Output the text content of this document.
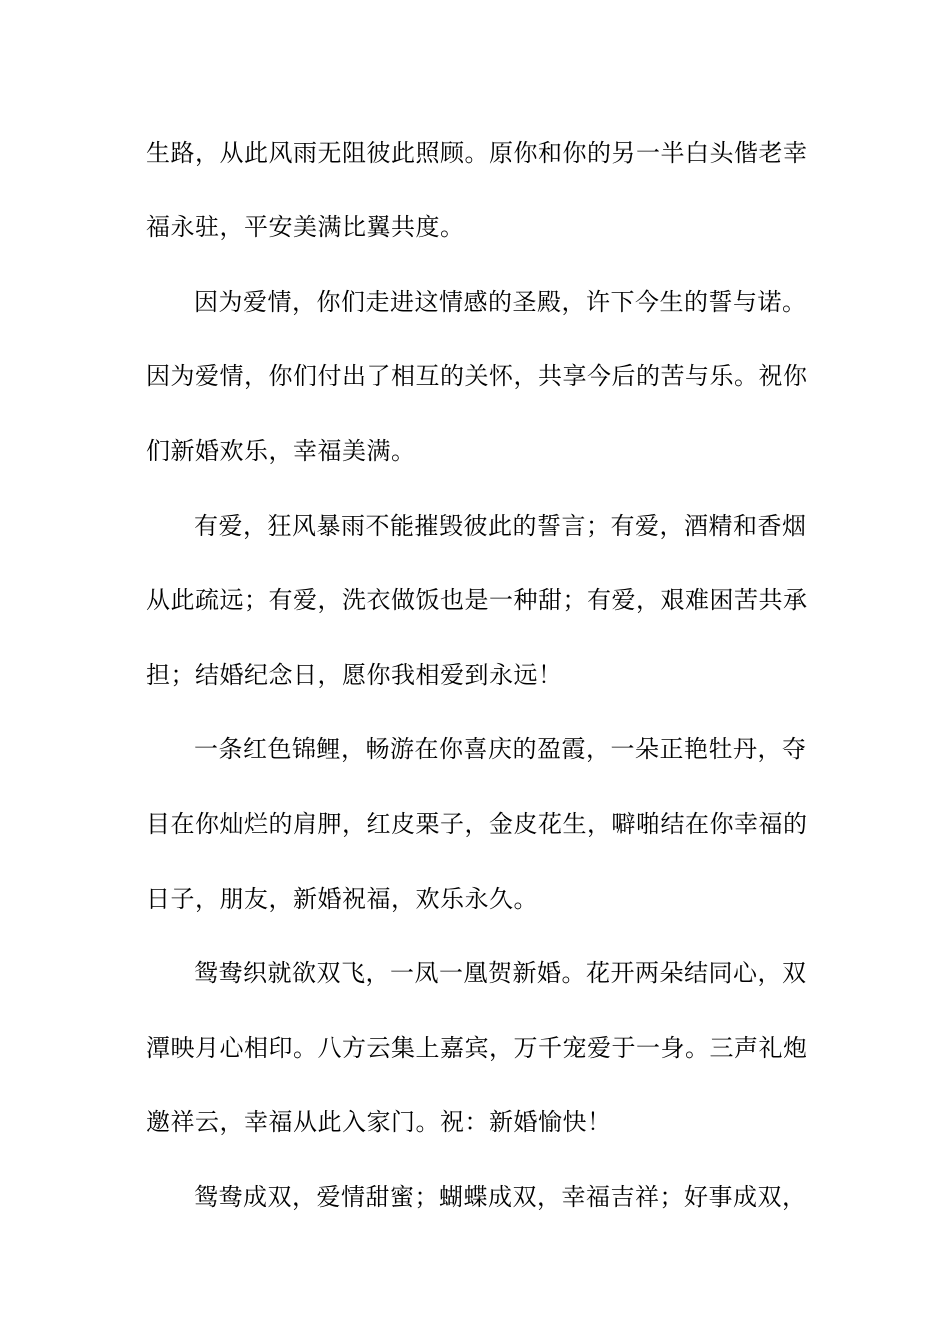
生路，从此风雨无阻彼此照顾。原你和你的另一半白头偕老幸
福永驻，平安美满比翼共度。
因为爱情，你们走进这情感的圣殿，许下今生的誓与诺。
因为爱情，你们付出了相互的关怀，共享今后的苦与乐。祝你
们新婚欢乐，幸福美满。
有爱，狂风暴雨不能摧毁彼此的誓言；有爱，酒精和香烟
从此疏远；有爱，洗衣做饭也是一种甜；有爱，艰难困苦共承
担；结婚纪念日，愿你我相爱到永远！
一条红色锦鲤，畅游在你喜庆的盈霞，一朵正艳牡丹，夺
目在你灿烂的肩胛，红皮栗子，金皮花生，噼啪结在你幸福的
日子，朋友，新婚祝福，欢乐永久。
鸳鸯织就欲双飞，一凤一凰贺新婚。花开两朵结同心，双
潭映月心相印。八方云集上嘉宾，万千宠爱于一身。三声礼炮
邀祥云，幸福从此入家门。祝：新婚愉快！
鸳鸯成双，爱情甜蜜；蝴蝶成双，幸福吉祥；好事成双，
